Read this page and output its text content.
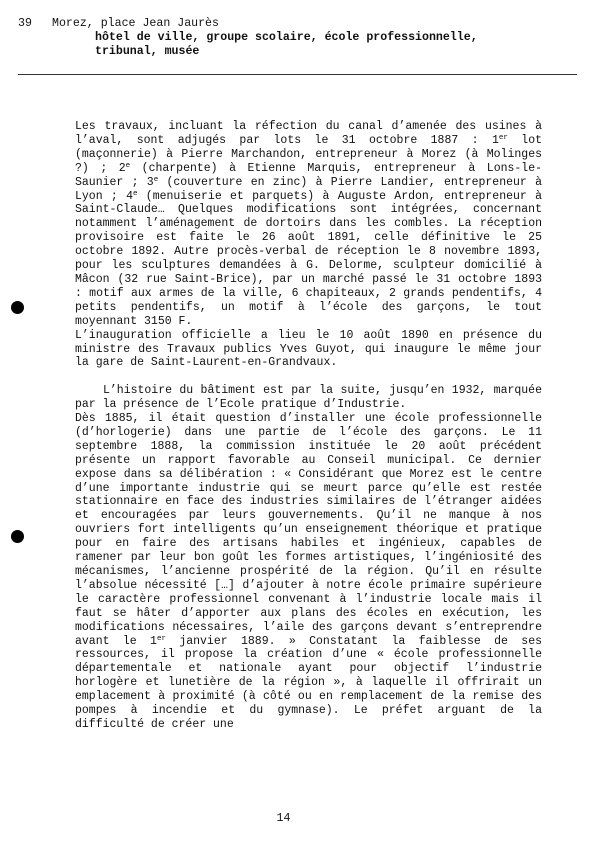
39 Morez, place Jean Jaurès
hôtel de ville, groupe scolaire, école professionnelle,
tribunal, musée

Les travaux, incluant la réfection du canal d’amenée des usines à l’aval, sont adjugés par lots le 31 octobre 1887 : 1er lot (maçonnerie) à Pierre Marchandon, entrepreneur à Morez (à Molinges ?) ; 2e (charpente) à Etienne Marquis, entrepreneur à Lons-le-Saunier ; 3e (couverture en zinc) à Pierre Landier, entrepreneur à Lyon ; 4e (menuiserie et parquets) à Auguste Ardon, entrepreneur à Saint-Claude… Quelques modifications sont intégrées, concernant notamment l’aménagement de dortoirs dans les combles. La réception provisoire est faite le 26 août 1891, celle définitive le 25 octobre 1892. Autre procès-verbal de réception le 8 novembre 1893, pour les sculptures demandées à G. Delorme, sculpteur domicilié à Mâcon (32 rue Saint-Brice), par un marché passé le 31 octobre 1893 : motif aux armes de la ville, 6 chapiteaux, 2 grands pendentifs, 4 petits pendentifs, un motif à l’école des garçons, le tout moyennant 3150 F.

L’inauguration officielle a lieu le 10 août 1890 en présence du ministre des Travaux publics Yves Guyot, qui inaugure le même jour la gare de Saint-Laurent-en-Grandvaux.

L’histoire du bâtiment est par la suite, jusqu’en 1932, marquée par la présence de l’Ecole pratique d’Industrie.

Dès 1885, il était question d’installer une école professionnelle (d’horlogerie) dans une partie de l’école des garçons. Le 11 septembre 1888, la commission instituée le 20 août précédent présente un rapport favorable au Conseil municipal. Ce dernier expose dans sa délibération : « Considérant que Morez est le centre d’une importante industrie qui se meurt parce qu’elle est restée stationnaire en face des industries similaires de l’étranger aidées et encouragées par leurs gouvernements. Qu’il ne manque à nos ouvriers fort intelligents qu’un enseignement théorique et pratique pour en faire des artisans habiles et ingénieux, capables de ramener par leur bon goût les formes artistiques, l’ingéniosité des mécanismes, l’ancienne prospérité de la région. Qu’il en résulte l’absolue nécessité […] d’ajouter à notre école primaire supérieure le caractère professionnel convenant à l’industrie locale mais il faut se hâter d’apporter aux plans des écoles en exécution, les modifications nécessaires, l’aile des garçons devant s’entreprendre avant le 1er janvier 1889. » Constatant la faiblesse de ses ressources, il propose la création d’une « école professionnelle départementale et nationale ayant pour objectif l’industrie horlogère et lunetière de la région », à laquelle il offrirait un emplacement à proximité (à côté ou en remplacement de la remise des pompes à incendie et du gymnase). Le préfet arguant de la difficulté de créer une

14
